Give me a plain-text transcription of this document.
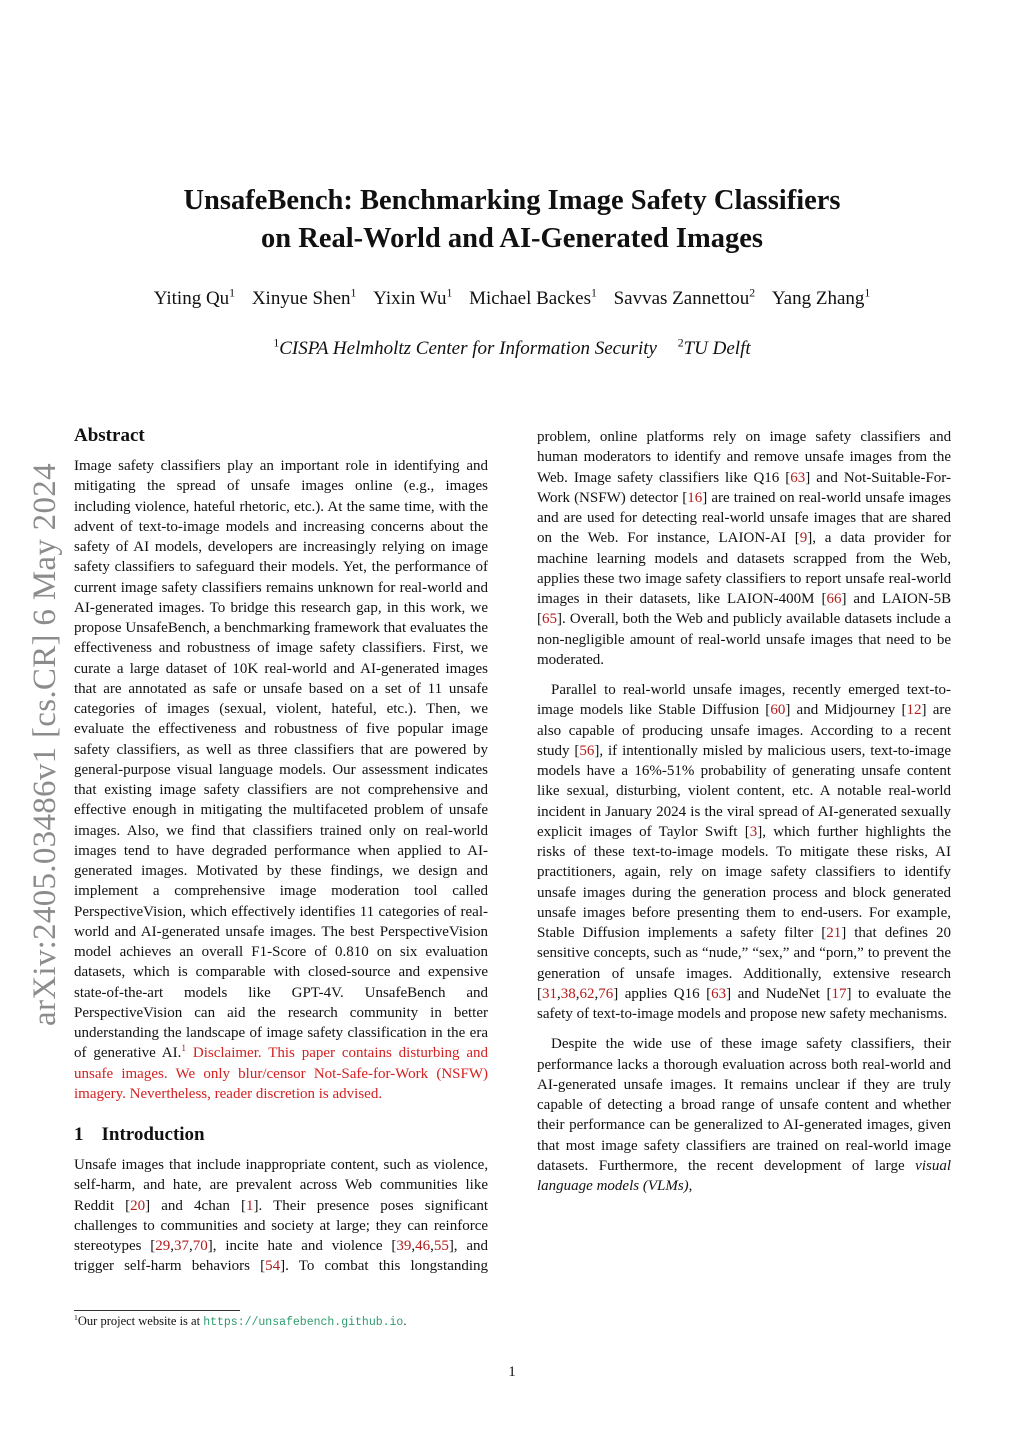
arXiv:2405.03486v1 [cs.CR] 6 May 2024
UnsafeBench: Benchmarking Image Safety Classifiers
on Real-World and AI-Generated Images
Yiting Qu$^1$ Xinyue Shen$^1$ Yixin Wu$^1$ Michael Backes$^1$ Savvas Zannettou$^2$ Yang Zhang$^1$
$^1$CISPA Helmholtz Center for Information Security $^2$TU Delft
Abstract

Image safety classifiers play an important role in identifying and mitigating the spread of unsafe images online (e.g., images including violence, hateful rhetoric, etc.). At the same time, with the advent of text-to-image models and increasing concerns about the safety of AI models, developers are increasingly relying on image safety classifiers to safeguard their models. Yet, the performance of current image safety classifiers remains unknown for real-world and AI-generated images. To bridge this research gap, in this work, we propose UnsafeBench, a benchmarking framework that evaluates the effectiveness and robustness of image safety classifiers. First, we curate a large dataset of 10K real-world and AI-generated images that are annotated as safe or unsafe based on a set of 11 unsafe categories of images (sexual, violent, hateful, etc.). Then, we evaluate the effectiveness and robustness of five popular image safety classifiers, as well as three classifiers that are powered by general-purpose visual language models. Our assessment indicates that existing image safety classifiers are not comprehensive and effective enough in mitigating the multifaceted problem of unsafe images. Also, we find that classifiers trained only on real-world images tend to have degraded performance when applied to AI-generated images. Motivated by these findings, we design and implement a comprehensive image moderation tool called PerspectiveVision, which effectively identifies 11 categories of real-world and AI-generated unsafe images. The best PerspectiveVision model achieves an overall F1-Score of 0.810 on six evaluation datasets, which is comparable with closed-source and expensive state-of-the-art models like GPT-4V. UnsafeBench and PerspectiveVision can aid the research community in better understanding the landscape of image safety classification in the era of generative AI.$^1$ Disclaimer. This paper contains disturbing and unsafe images. We only blur/censor Not-Safe-for-Work (NSFW) imagery. Nevertheless, reader discretion is advised.

1 Introduction

Unsafe images that include inappropriate content, such as violence, self-harm, and hate, are prevalent across Web communities like Reddit [20] and 4chan [1]. Their presence poses significant challenges to communities and society at large; they can reinforce stereotypes [29,37,70], incite hate and violence [39,46,55], and trigger self-harm behaviors [54]. To combat this longstanding

problem, online platforms rely on image safety classifiers and human moderators to identify and remove unsafe images from the Web. Image safety classifiers like Q16 [63] and Not-Suitable-For-Work (NSFW) detector [16] are trained on real-world unsafe images and are used for detecting real-world unsafe images that are shared on the Web. For instance, LAION-AI [9], a data provider for machine learning models and datasets scrapped from the Web, applies these two image safety classifiers to report unsafe real-world images in their datasets, like LAION-400M [66] and LAION-5B [65]. Overall, both the Web and publicly available datasets include a non-negligible amount of real-world unsafe images that need to be moderated.

Parallel to real-world unsafe images, recently emerged text-to-image models like Stable Diffusion [60] and Midjourney [12] are also capable of producing unsafe images. According to a recent study [56], if intentionally misled by malicious users, text-to-image models have a 16%-51% probability of generating unsafe content like sexual, disturbing, violent content, etc. A notable real-world incident in January 2024 is the viral spread of AI-generated sexually explicit images of Taylor Swift [3], which further highlights the risks of these text-to-image models. To mitigate these risks, AI practitioners, again, rely on image safety classifiers to identify unsafe images during the generation process and block generated unsafe images before presenting them to end-users. For example, Stable Diffusion implements a safety filter [21] that defines 20 sensitive concepts, such as “nude,” “sex,” and “porn,” to prevent the generation of unsafe images. Additionally, extensive research [31,38,62,76] applies Q16 [63] and NudeNet [17] to evaluate the safety of text-to-image models and propose new safety mechanisms.

Despite the wide use of these image safety classifiers, their performance lacks a thorough evaluation across both real-world and AI-generated unsafe images. It remains unclear if they are truly capable of detecting a broad range of unsafe content and whether their performance can be generalized to AI-generated images, given that most image safety classifiers are trained on real-world image datasets. Furthermore, the recent development of large visual language models (VLMs),

$^1$Our project website is at https://unsafebench.github.io.
1
